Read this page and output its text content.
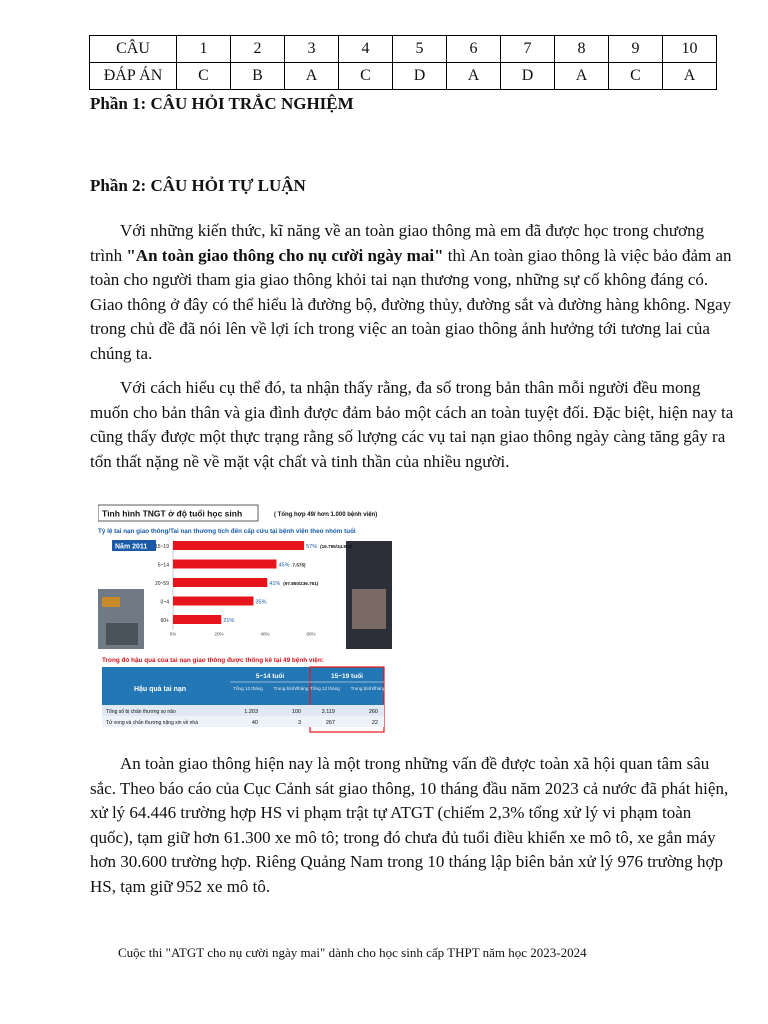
CÂU	1	2	3	4	5	6	7	8	9	10
ĐÁP ÁN	C	B	A	C	D	A	D	A	C	A

Phần 1: CÂU HỎI TRẮC NGHIỆM

Phần 2: CÂU HỎI TỰ LUẬN

Với những kiến thức, kĩ năng về an toàn giao thông mà em đã được học trong chương trình "An toàn giao thông cho nụ cười ngày mai" thì An toàn giao thông là việc bảo đảm an toàn cho người tham gia giao thông khỏi tai nạn thương vong, những sự cố không đáng có. Giao thông ở đây có thể hiểu là đường bộ, đường thủy, đường sắt và đường hàng không. Ngay trong chủ đề đã nói lên về lợi ích trong việc an toàn giao thông ảnh hưởng tới tương lai của chúng ta.

Với cách hiểu cụ thể đó, ta nhận thấy rằng, đa số trong bản thân mỗi người đều mong muốn cho bản thân và gia đình được đảm bảo một cách an toàn tuyệt đối. Đặc biệt, hiện nay ta cũng thấy được một thực trạng rằng số lượng các vụ tai nạn giao thông ngày càng tăng gây ra tổn thất nặng nề về mặt vật chất và tinh thần của nhiều người.

Tình hình TNGT ở độ tuổi học sinh	( Tổng hợp 49/ hơn 1.000 bệnh viện)
Tỷ lệ tai nạn giao thông/Tai nạn thương tích đến cấp cứu tại bệnh viện theo nhóm tuổi
Năm 2011 15~19	57% (19.795/34.802)
5~14	45% 7.575)
20~59	41% (97.850/236.761)
0~4	35%
60+	21%
0%	20%	40%	60%
Trong đó hậu quả của tai nạn giao thông được thống kê tại 49 bệnh viện:
Hậu quả tai nạn
5~14 tuổi	15~19 tuổi
Tổng 12 tháng Trung bình/tháng Tổng 12 tháng Trung bình/tháng
Tổng số bị chấn thương sọ não	1.203	100	3.119	260
Tử vong và chấn thương nặng xin về nhà	40	3	267	22

An toàn giao thông hiện nay là một trong những vấn đề được toàn xã hội quan tâm sâu sắc. Theo báo cáo của Cục Cảnh sát giao thông, 10 tháng đầu năm 2023 cả nước đã phát hiện, xử lý 64.446 trường hợp HS vi phạm trật tự ATGT (chiếm 2,3% tổng xử lý vi phạm toàn quốc), tạm giữ hơn 61.300 xe mô tô; trong đó chưa đủ tuổi điều khiển xe mô tô, xe gắn máy hơn 30.600 trường hợp. Riêng Quảng Nam trong 10 tháng lập biên bản xử lý 976 trường hợp HS, tạm giữ 952 xe mô tô.

Cuộc thi "ATGT cho nụ cười ngày mai" dành cho học sinh cấp THPT năm học 2023-2024
